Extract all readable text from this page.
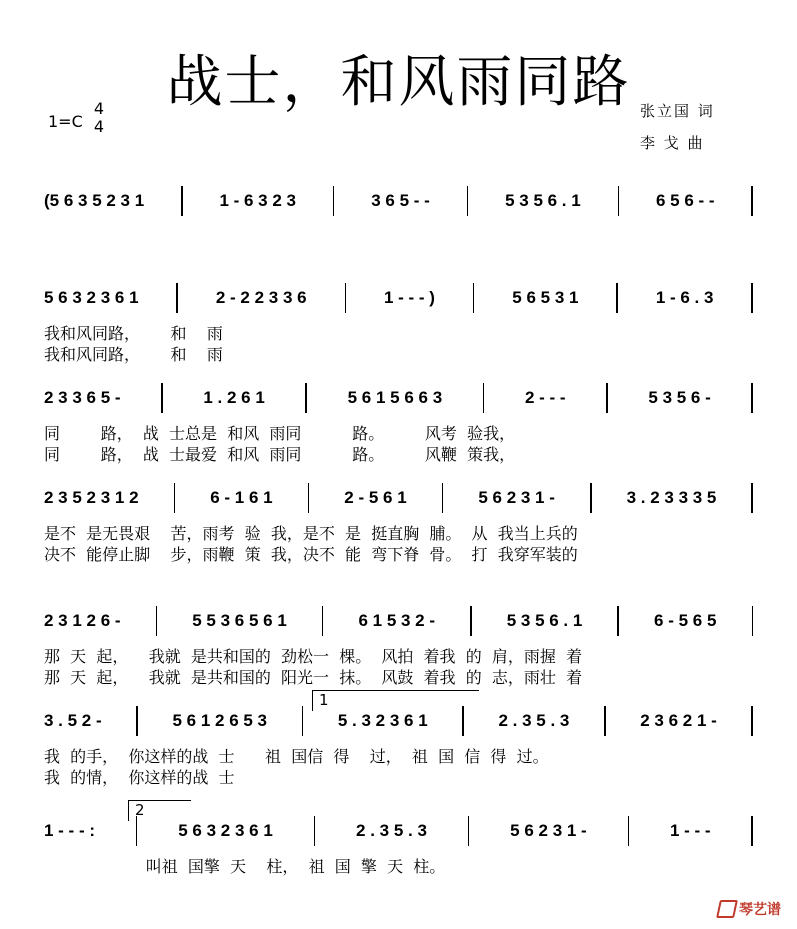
战士，和风雨同路
1=C
4
4
张立国 词
李 戈 曲
(5 6 3 5 2 3 1	1 - 6 3 2 3	3 6 5 - -	5 3 5 6 . 1	6 5 6 - -
5 6 3 2 3 6 1	2 - 2 2 3 3 6	1 - - - )	5 6 5 3 1	1 - 6 . 3
我和风同路，      和    雨
我和风同路，      和    雨
2 3 3 6 5 -	1 . 2 6 1	5 6 1 5 6 6 3	2 - - -	5 3 5 6 -
同        路，  战  士总是  和风  雨同          路。        风考  验我，
同        路，  战  士最爱  和风  雨同          路。        风鞭  策我，
2 3 5 2 3 1 2	6 - 1 6 1	2 - 5 6 1	5 6 2 3 1 -	3 . 2 3 3 3 5
是不  是无畏艰    苦，雨考  验  我，是不  是  挺直胸  脯。  从  我当上兵的
决不  能停止脚    步，雨鞭  策  我，决不  能  弯下脊  骨。  打  我穿军装的
2 3 1 2 6 -	5 5 3 6 5 6 1	6 1 5 3 2 -	5 3 5 6 . 1	6 - 5 6 5
那  天  起，    我就  是共和国的  劲松一  棵。  风拍  着我  的  肩，雨握  着
那  天  起，    我就  是共和国的  阳光一  抹。  风鼓  着我  的  志，雨壮  着
3 . 5 2 -	5 6 1 2 6 5 3	5 . 3 2 3 6 1	2 . 3 5 . 3	2 3 6 2 1 -
我  的手，  你这样的战  士      祖  国信  得    过，  祖  国  信  得  过。
我  的情，  你这样的战  士
1 - - - :	5 6 3 2 3 6 1	2 . 3 5 . 3	5 6 2 3 1 -	1 - - -
叫祖  国擎  天    柱，  祖  国  擎  天  柱。
1
2
琴艺谱
